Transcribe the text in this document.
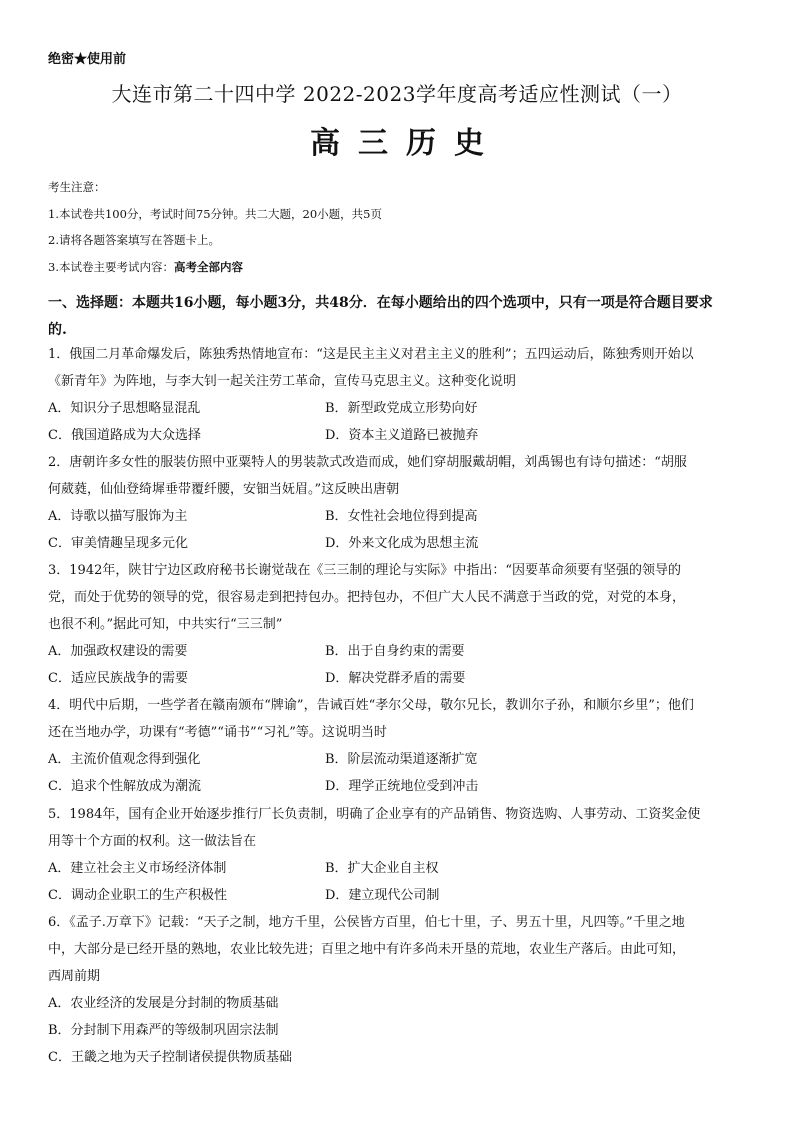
绝密★使用前
大连市第二十四中学 2022-2023学年度高考适应性测试（一）
高三历史
考生注意：
1.本试卷共100分，考试时间75分钟。共二大题，20小题，共5页
2.请将各题答案填写在答题卡上。
3.本试卷主要考试内容：高考全部内容
一、选择题：本题共16小题，每小题3分，共48分．在每小题给出的四个选项中，只有一项是符合题目要求
的.
1．俄国二月革命爆发后，陈独秀热情地宣布：“这是民主主义对君主主义的胜利”；五四运动后，陈独秀则开始以
《新青年》为阵地，与李大钊一起关注劳工革命，宣传马克思主义。这种变化说明
A．知识分子思想略显混乱	B．新型政党成立形势向好
C．俄国道路成为大众选择	D．资本主义道路已被抛弃
2．唐朝许多女性的服装仿照中亚粟特人的男装款式改造而成，她们穿胡服戴胡帽，刘禹锡也有诗句描述：“胡服
何葳蕤，仙仙登绮墀垂带覆纤腰，安钿当妩眉。”这反映出唐朝
A．诗歌以描写服饰为主	B．女性社会地位得到提高
C．审美情趣呈现多元化	D．外来文化成为思想主流
3．1942年，陕甘宁边区政府秘书长谢觉哉在《三三制的理论与实际》中指出：“因要革命须要有坚强的领导的
党，而处于优势的领导的党，很容易走到把持包办。把持包办，不但广大人民不满意于当政的党，对党的本身，
也很不利。”据此可知，中共实行“三三制”
A．加强政权建设的需要	B．出于自身约束的需要
C．适应民族战争的需要	D．解决党群矛盾的需要
4．明代中后期，一些学者在赣南颁布“牌谕”，告诫百姓“孝尔父母，敬尔兄长，教训尔子孙，和顺尔乡里”；他们
还在当地办学，功课有“考德”“诵书”“习礼”等。这说明当时
A．主流价值观念得到强化	B．阶层流动渠道逐渐扩宽
C．追求个性解放成为潮流	D．理学正统地位受到冲击
5．1984年，国有企业开始逐步推行厂长负责制，明确了企业享有的产品销售、物资选购、人事劳动、工资奖金使
用等十个方面的权利。这一做法旨在
A．建立社会主义市场经济体制	B．扩大企业自主权
C．调动企业职工的生产积极性	D．建立现代公司制
6．《孟子.万章下》记载：“天子之制，地方千里，公侯皆方百里，伯七十里，子、男五十里，凡四等。”千里之地
中，大部分是已经开垦的熟地，农业比较先进；百里之地中有许多尚未开垦的荒地，农业生产落后。由此可知，
西周前期
A．农业经济的发展是分封制的物质基础
B．分封制下用森严的等级制巩固宗法制
C．王畿之地为天子控制诸侯提供物质基础
